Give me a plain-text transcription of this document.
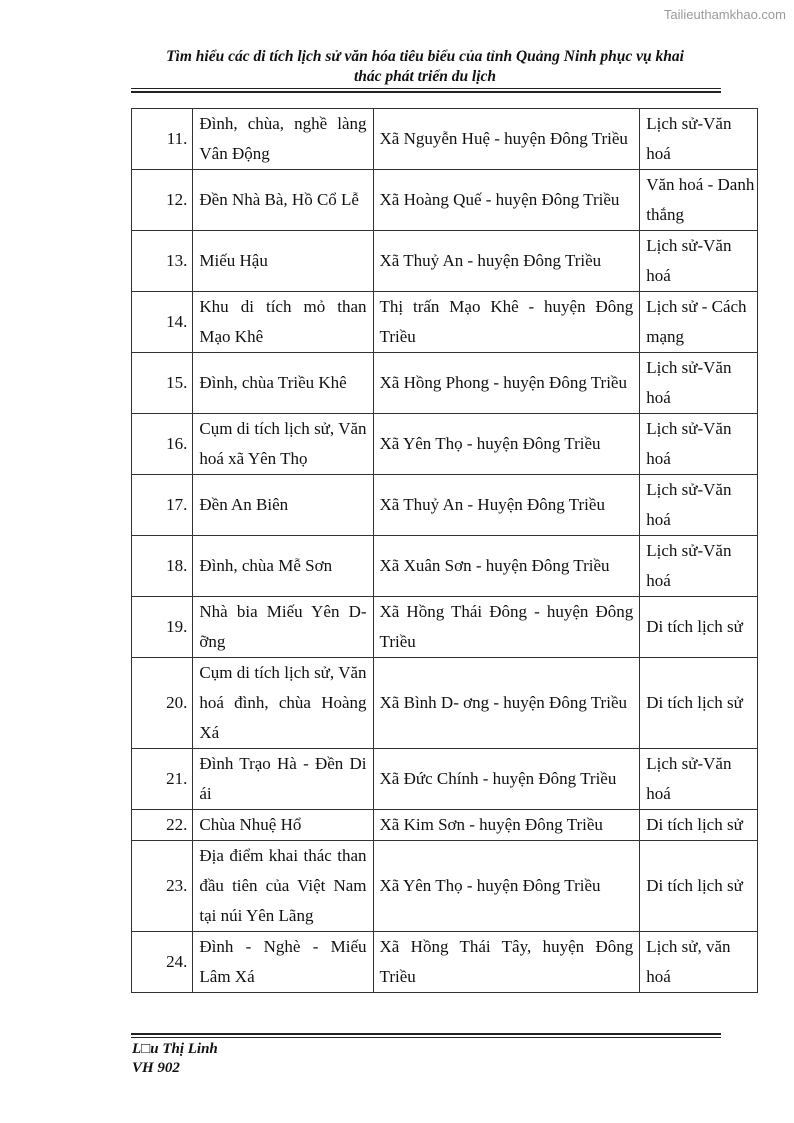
Tailieuthamkhao.com
Tìm hiểu các di tích lịch sử văn hóa tiêu biểu của tỉnh Quảng Ninh phục vụ khai
thác phát triển du lịch
11.	Đình, chùa, nghề làng Vân Động	Xã Nguyễn Huệ - huyện Đông Triều	Lịch sử-Văn hoá
12.	Đền Nhà Bà, Hồ Cổ Lễ	Xã Hoàng Quế - huyện Đông Triều	Văn hoá - Danh thắng
13.	Miếu Hậu	Xã Thuỷ An - huyện Đông Triều	Lịch sử-Văn hoá
14.	Khu di tích mỏ than Mạo Khê	Thị trấn Mạo Khê - huyện Đông Triều	Lịch sử - Cách mạng
15.	Đình, chùa Triều Khê	Xã Hồng Phong - huyện Đông Triều	Lịch sử-Văn hoá
16.	Cụm di tích lịch sử, Văn hoá xã Yên Thọ	Xã Yên Thọ - huyện Đông Triều	Lịch sử-Văn hoá
17.	Đền An Biên	Xã Thuỷ An - Huyện Đông Triều	Lịch sử-Văn hoá
18.	Đình, chùa Mễ Sơn	Xã Xuân Sơn - huyện Đông Triều	Lịch sử-Văn hoá
19.	Nhà bia Miếu Yên D- ỡng	Xã Hồng Thái Đông - huyện Đông Triều	Di tích lịch sử
20.	Cụm di tích lịch sử, Văn hoá đình, chùa Hoàng Xá	Xã Bình D- ơng - huyện Đông Triều	Di tích lịch sử
21.	Đình Trạo Hà - Đền Di ái	Xã Đức Chính - huyện Đông Triều	Lịch sử-Văn hoá
22.	Chùa Nhuệ Hổ	Xã Kim Sơn - huyện Đông Triều	Di tích lịch sử
23.	Địa điểm khai thác than đầu tiên của Việt Nam tại núi Yên Lãng	Xã Yên Thọ - huyện Đông Triều	Di tích lịch sử
24.	Đình - Nghè - Miếu Lâm Xá	Xã Hồng Thái Tây, huyện Đông Triều	Lịch sử, văn hoá
L□u Thị Linh
VH 902
